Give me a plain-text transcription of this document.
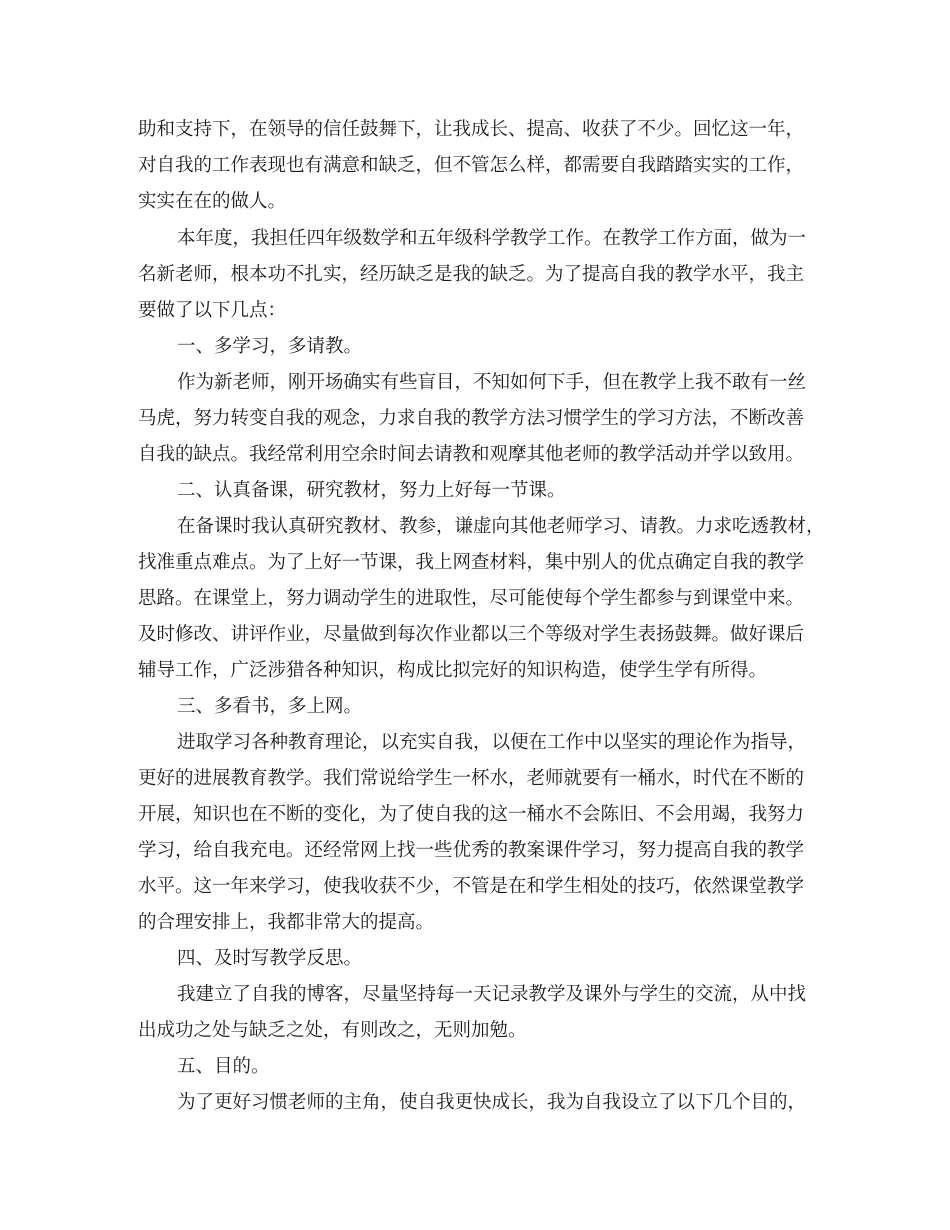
助和支持下，在领导的信任鼓舞下，让我成长、提高、收获了不少。回忆这一年，
对自我的工作表现也有满意和缺乏，但不管怎么样，都需要自我踏踏实实的工作，
实实在在的做人。
本年度，我担任四年级数学和五年级科学教学工作。在教学工作方面，做为一
名新老师，根本功不扎实，经历缺乏是我的缺乏。为了提高自我的教学水平，我主
要做了以下几点：
一、多学习，多请教。
作为新老师，刚开场确实有些盲目，不知如何下手，但在教学上我不敢有一丝
马虎，努力转变自我的观念，力求自我的教学方法习惯学生的学习方法，不断改善
自我的缺点。我经常利用空余时间去请教和观摩其他老师的教学活动并学以致用。
二、认真备课，研究教材，努力上好每一节课。
在备课时我认真研究教材、教参，谦虚向其他老师学习、请教。力求吃透教材，
找准重点难点。为了上好一节课，我上网查材料，集中别人的优点确定自我的教学
思路。在课堂上，努力调动学生的进取性，尽可能使每个学生都参与到课堂中来。
及时修改、讲评作业，尽量做到每次作业都以三个等级对学生表扬鼓舞。做好课后
辅导工作，广泛涉猎各种知识，构成比拟完好的知识构造，使学生学有所得。
三、多看书，多上网。
进取学习各种教育理论，以充实自我，以便在工作中以坚实的理论作为指导，
更好的进展教育教学。我们常说给学生一杯水，老师就要有一桶水，时代在不断的
开展，知识也在不断的变化，为了使自我的这一桶水不会陈旧、不会用竭，我努力
学习，给自我充电。还经常网上找一些优秀的教案课件学习，努力提高自我的教学
水平。这一年来学习，使我收获不少，不管是在和学生相处的技巧，依然课堂教学
的合理安排上，我都非常大的提高。
四、及时写教学反思。
我建立了自我的博客，尽量坚持每一天记录教学及课外与学生的交流，从中找
出成功之处与缺乏之处，有则改之，无则加勉。
五、目的。
为了更好习惯老师的主角，使自我更快成长，我为自我设立了以下几个目的，
